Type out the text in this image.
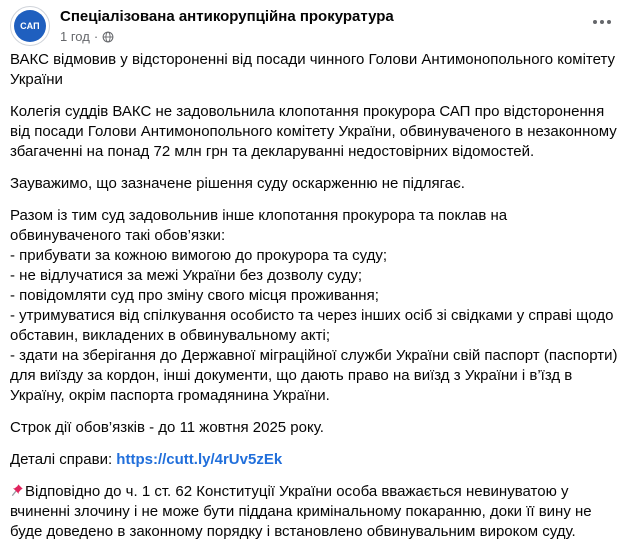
САП
Спеціалізована антикорупційна прокуратура
1 год ·

ВАКС відмовив у відстороненні від посади чинного Голови Антимонопольного комітету України

Колегія суддів ВАКС не задовольнила клопотання прокурора САП про відсторонення від посади Голови Антимонопольного комітету України, обвинуваченого в незаконному збагаченні на понад 72 млн грн та декларуванні недостовірних відомостей.

Зауважимо, що зазначене рішення суду оскарженню не підлягає.

Разом із тим суд задовольнив інше клопотання прокурора та поклав на обвинуваченого такі обов’язки:
- прибувати за кожною вимогою до прокурора та суду;
- не відлучатися за межі України без дозволу суду;
- повідомляти суд про зміну свого місця проживання;
- утримуватися від спілкування особисто та через інших осіб зі свідками у справі щодо обставин, викладених в обвинувальному акті;
- здати на зберігання до Державної міграційної служби України свій паспорт (паспорти) для виїзду за кордон, інші документи, що дають право на виїзд з України і в’їзд в Україну, окрім паспорта громадянина України.

Строк дії обов’язків - до 11 жовтня 2025 року.

Деталі справи: https://cutt.ly/4rUv5zEk

Відповідно до ч. 1 ст. 62 Конституції України особа вважається невинуватою у вчиненні злочину і не може бути піддана кримінальному покаранню, доки її вину не буде доведено в законному порядку і встановлено обвинувальним вироком суду.
